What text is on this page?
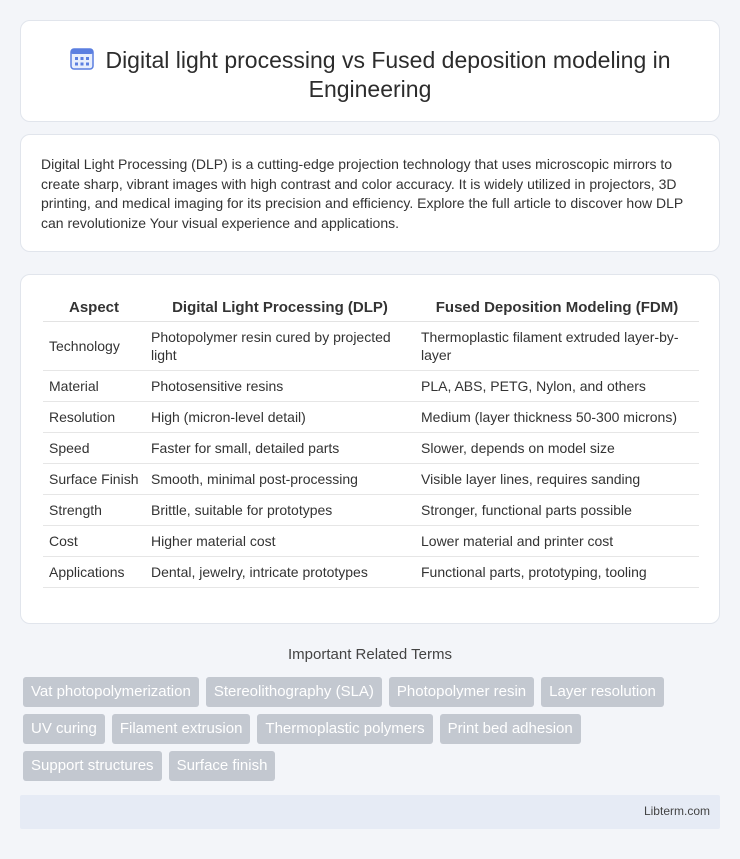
Digital light processing vs Fused deposition modeling in Engineering

Digital Light Processing (DLP) is a cutting-edge projection technology that uses microscopic mirrors to create sharp, vibrant images with high contrast and color accuracy. It is widely utilized in projectors, 3D printing, and medical imaging for its precision and efficiency. Explore the full article to discover how DLP can revolutionize Your visual experience and applications.

Aspect	Digital Light Processing (DLP)	Fused Deposition Modeling (FDM)
Technology	Photopolymer resin cured by projected light	Thermoplastic filament extruded layer-by-layer
Material	Photosensitive resins	PLA, ABS, PETG, Nylon, and others
Resolution	High (micron-level detail)	Medium (layer thickness 50-300 microns)
Speed	Faster for small, detailed parts	Slower, depends on model size
Surface Finish	Smooth, minimal post-processing	Visible layer lines, requires sanding
Strength	Brittle, suitable for prototypes	Stronger, functional parts possible
Cost	Higher material cost	Lower material and printer cost
Applications	Dental, jewelry, intricate prototypes	Functional parts, prototyping, tooling
Important Related Terms
Vat photopolymerization	Stereolithography (SLA)	Photopolymer resin	Layer resolution
UV curing	Filament extrusion	Thermoplastic polymers	Print bed adhesion
Support structures	Surface finish
Libterm.com
